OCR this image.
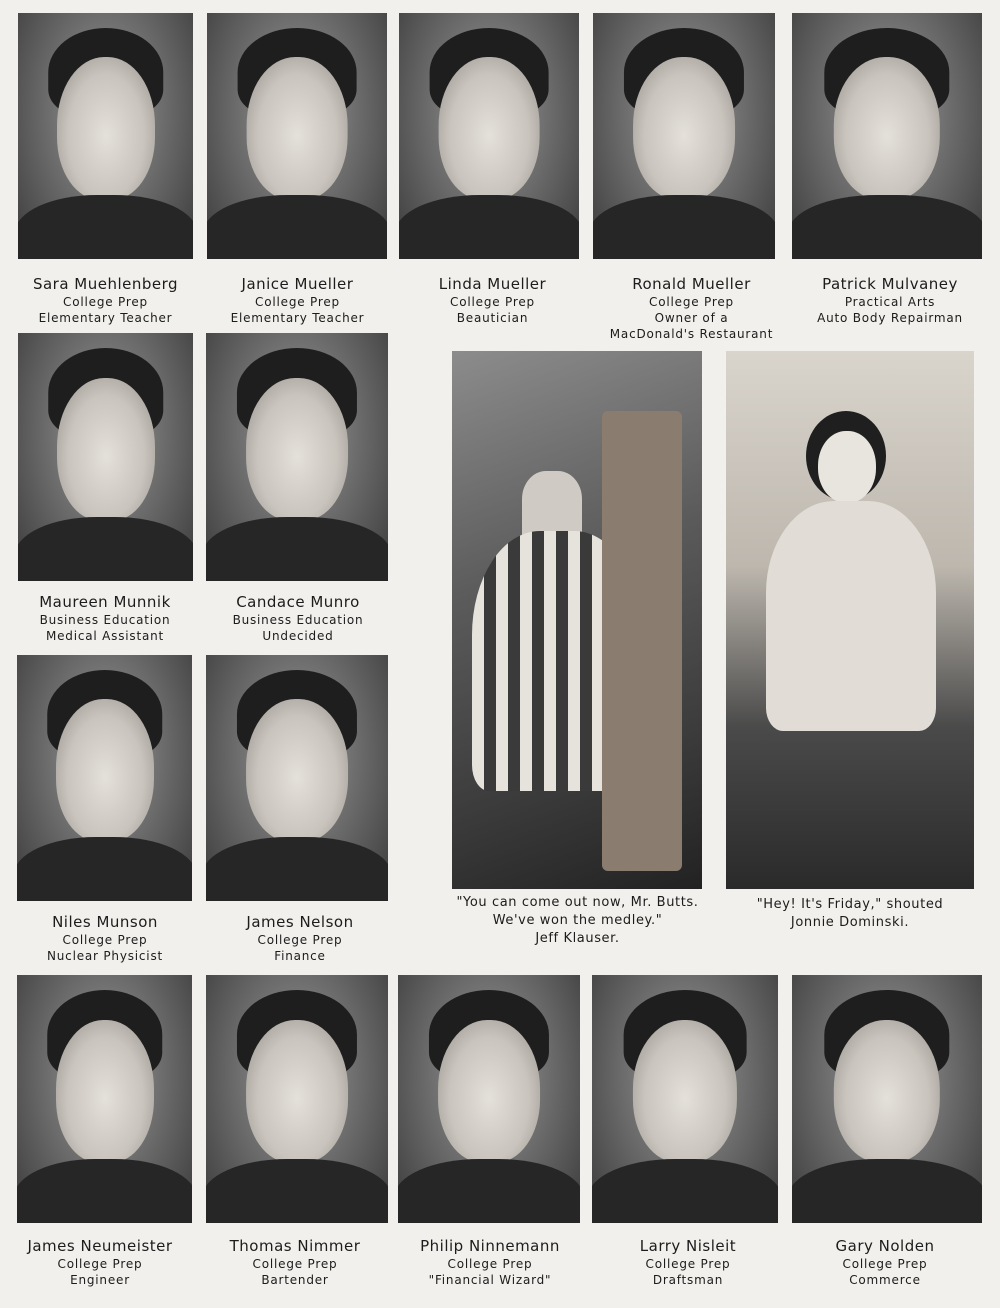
Sara Muehlenberg
College Prep
Elementary Teacher
Janice Mueller
College Prep
Elementary Teacher
Linda Mueller
College Prep
Beautician
Ronald Mueller
College Prep
Owner of a
MacDonald's Restaurant
Patrick Mulvaney
Practical Arts
Auto Body Repairman
Maureen Munnik
Business Education
Medical Assistant
Candace Munro
Business Education
Undecided
"You can come out now, Mr. Butts.
We've won the medley."
Jeff Klauser.
"Hey! It's Friday," shouted
Jonnie Dominski.
Niles Munson
College Prep
Nuclear Physicist
James Nelson
College Prep
Finance
James Neumeister
College Prep
Engineer
Thomas Nimmer
College Prep
Bartender
Philip Ninnemann
College Prep
"Financial Wizard"
Larry Nisleit
College Prep
Draftsman
Gary Nolden
College Prep
Commerce
